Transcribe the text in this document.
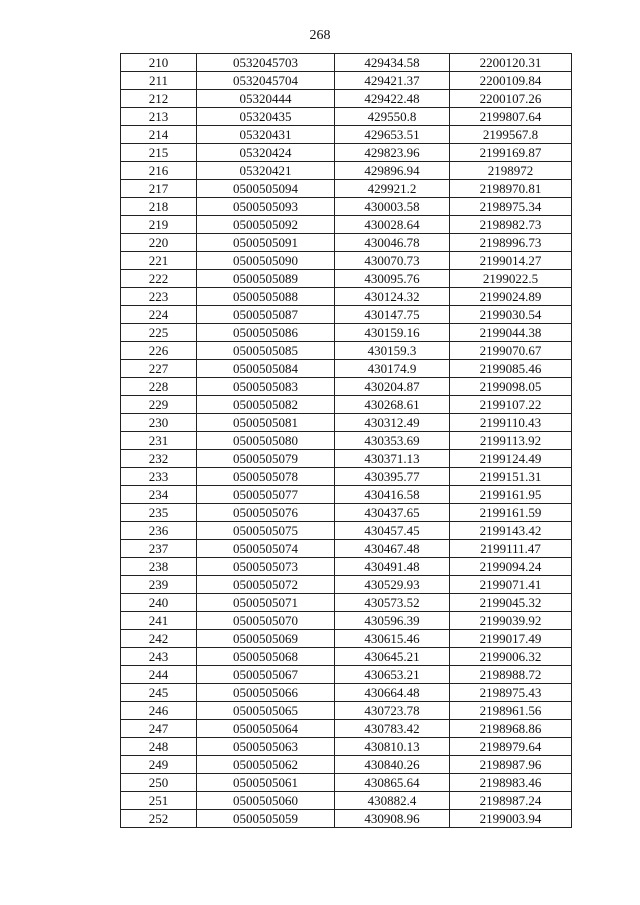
268
210	0532045703	429434.58	2200120.31
211	0532045704	429421.37	2200109.84
212	05320444	429422.48	2200107.26
213	05320435	429550.8	2199807.64
214	05320431	429653.51	2199567.8
215	05320424	429823.96	2199169.87
216	05320421	429896.94	2198972
217	0500505094	429921.2	2198970.81
218	0500505093	430003.58	2198975.34
219	0500505092	430028.64	2198982.73
220	0500505091	430046.78	2198996.73
221	0500505090	430070.73	2199014.27
222	0500505089	430095.76	2199022.5
223	0500505088	430124.32	2199024.89
224	0500505087	430147.75	2199030.54
225	0500505086	430159.16	2199044.38
226	0500505085	430159.3	2199070.67
227	0500505084	430174.9	2199085.46
228	0500505083	430204.87	2199098.05
229	0500505082	430268.61	2199107.22
230	0500505081	430312.49	2199110.43
231	0500505080	430353.69	2199113.92
232	0500505079	430371.13	2199124.49
233	0500505078	430395.77	2199151.31
234	0500505077	430416.58	2199161.95
235	0500505076	430437.65	2199161.59
236	0500505075	430457.45	2199143.42
237	0500505074	430467.48	2199111.47
238	0500505073	430491.48	2199094.24
239	0500505072	430529.93	2199071.41
240	0500505071	430573.52	2199045.32
241	0500505070	430596.39	2199039.92
242	0500505069	430615.46	2199017.49
243	0500505068	430645.21	2199006.32
244	0500505067	430653.21	2198988.72
245	0500505066	430664.48	2198975.43
246	0500505065	430723.78	2198961.56
247	0500505064	430783.42	2198968.86
248	0500505063	430810.13	2198979.64
249	0500505062	430840.26	2198987.96
250	0500505061	430865.64	2198983.46
251	0500505060	430882.4	2198987.24
252	0500505059	430908.96	2199003.94
